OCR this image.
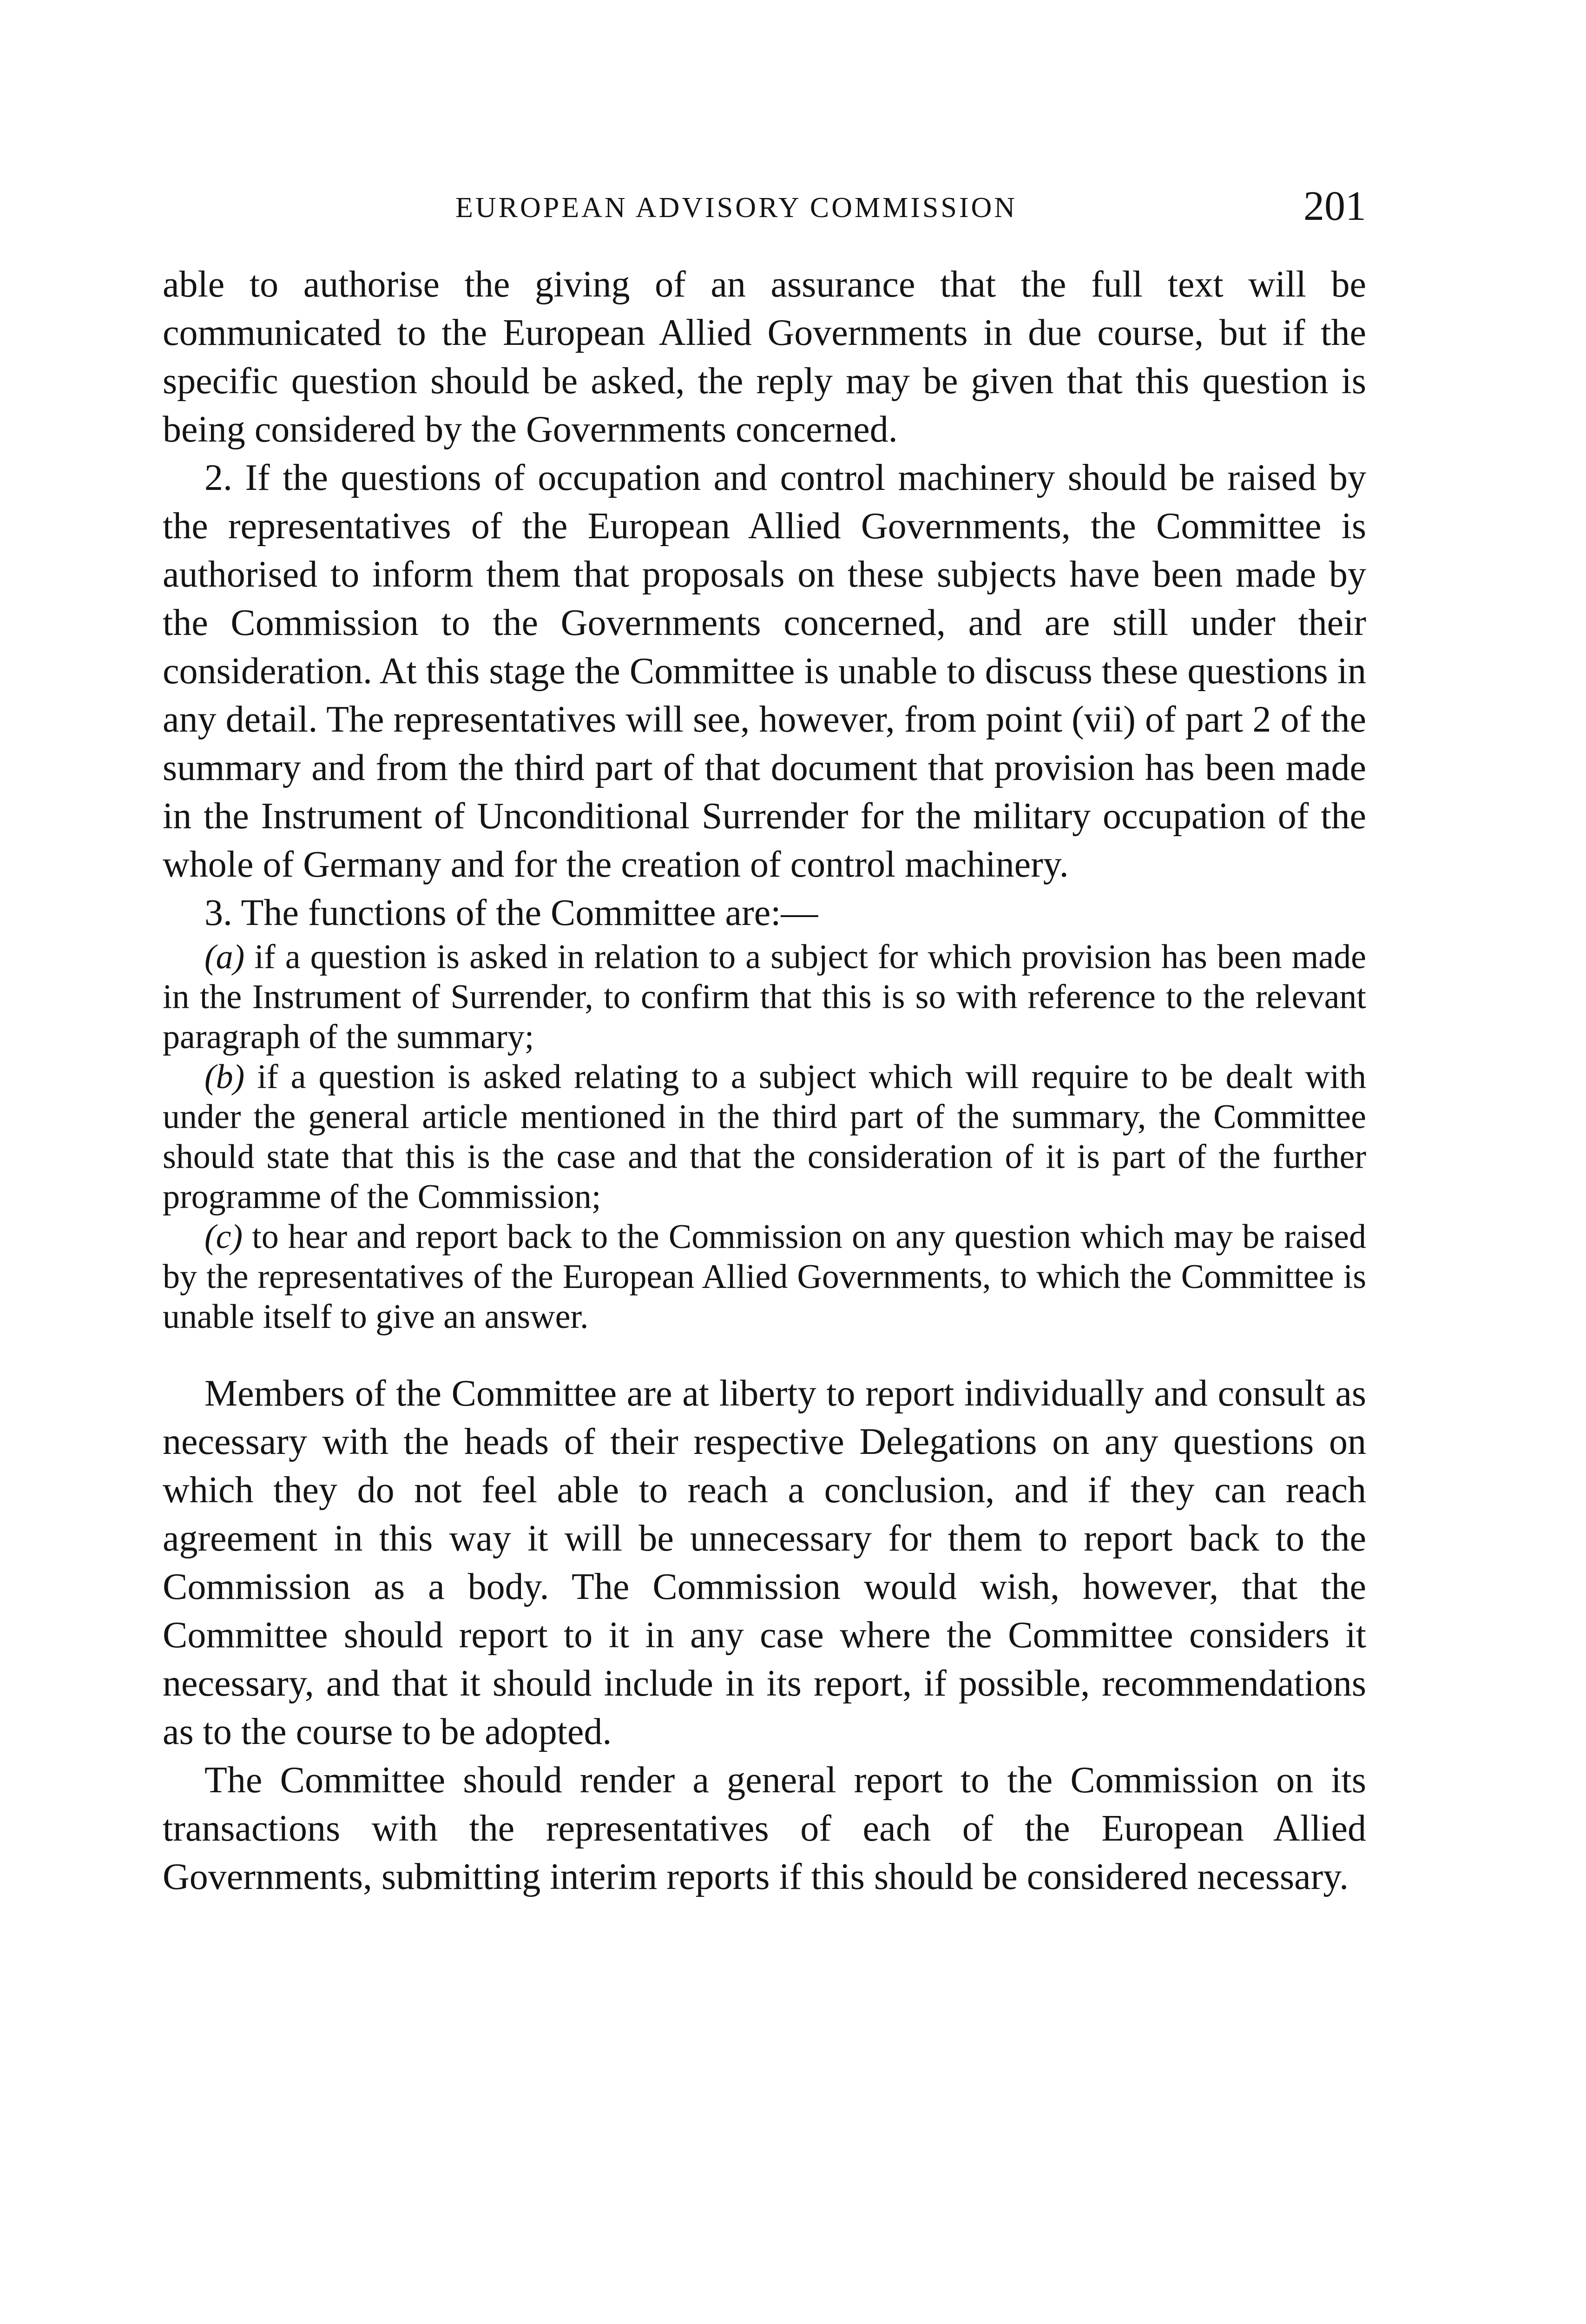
EUROPEAN ADVISORY COMMISSION	201

able to authorise the giving of an assurance that the full text will be communicated to the European Allied Governments in due course, but if the specific question should be asked, the reply may be given that this question is being considered by the Governments concerned.

2. If the questions of occupation and control machinery should be raised by the representatives of the European Allied Governments, the Committee is authorised to inform them that proposals on these subjects have been made by the Commission to the Governments concerned, and are still under their consideration. At this stage the Committee is unable to discuss these questions in any detail. The representatives will see, however, from point (vii) of part 2 of the summary and from the third part of that document that provision has been made in the Instrument of Unconditional Surrender for the military occupation of the whole of Germany and for the creation of control machinery.

3. The functions of the Committee are:—

(a) if a question is asked in relation to a subject for which provision has been made in the Instrument of Surrender, to confirm that this is so with reference to the relevant paragraph of the summary;

(b) if a question is asked relating to a subject which will require to be dealt with under the general article mentioned in the third part of the summary, the Committee should state that this is the case and that the consideration of it is part of the further programme of the Commission;

(c) to hear and report back to the Commission on any question which may be raised by the representatives of the European Allied Governments, to which the Committee is unable itself to give an answer.

Members of the Committee are at liberty to report individually and consult as necessary with the heads of their respective Delegations on any questions on which they do not feel able to reach a conclusion, and if they can reach agreement in this way it will be unnecessary for them to report back to the Commission as a body. The Commission would wish, however, that the Committee should report to it in any case where the Committee considers it necessary, and that it should include in its report, if possible, recommendations as to the course to be adopted.

The Committee should render a general report to the Commission on its transactions with the representatives of each of the European Allied Governments, submitting interim reports if this should be considered necessary.
